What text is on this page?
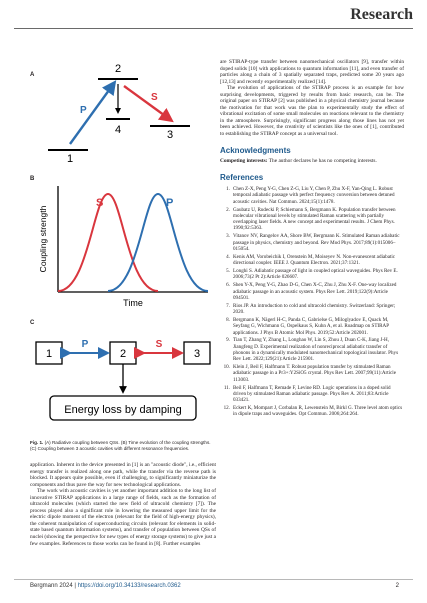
Research
A	2
1
3
4
P
S
B
S	P
Coupling strength
Time
C
1	2	3
P	S
Energy loss by damping
Fig. 1. (A) Radiative coupling between QSs. (B) Time evolution of the coupling strengths. (C) Coupling between 3 acoustic cavities with different resonance frequencies.

application. Inherent in the device presented in [1] is an "acoustic diode", i.e., efficient energy transfer is realized along one path, while the transfer via the reverse path is blocked. It appears quite possible, even if challenging, to significantly miniaturize the components and thus pave the way for new technological applications.

The work with acoustic cavities is yet another important addition to the long list of innovative STIRAP applications in a large range of fields, such as the formation of ultracold molecules (which started the new field of ultracold chemistry [7]). The process played also a significant role in lowering the measured upper limit for the electric dipole moment of the electron (relevant for the field of high-energy physics), the coherent manipulation of superconducting circuits (relevant for elements in solid-state based quantum information systems), and transfer of population between QSs of nuclei (showing the perspective for new types of energy storage systems) to give just a few examples. References to those works can be found in [8]. Further examples

are STIRAP-type transfer between nanomechanical oscillators [9], transfer within doped solids [10] with applications to quantum information [11], and even transfer of particles along a chain of 3 spatially separated traps, predicted some 20 years ago [12,13] and recently experimentally realized [14].

The evolution of applications of the STIRAP process is an example for how surprising developments, triggered by results from basic research, can be. The original paper on STIRAP [2] was published in a physical chemistry journal because the motivation for that work was the plan to experimentally study the effect of vibrational excitation of some small molecules on reactions relevant to the chemistry in the atmosphere. Surprisingly, significant progress along those lines has not yet been achieved. However, the creativity of scientists like the ones of [1], contributed to establishing the STIRAP concept as a universal tool.

Acknowledgments

Competing interests: The author declares he has no competing interests.

References
1. Chen Z-X, Peng Y-G, Chen Z-G, Liu Y, Chen P, Zhu X-F, Yan-Qing L. Robust temporal adiabatic passage with perfect frequency conversion between detuned acoustic cavities. Nat Commun. 2024;15(1):1478.
2. Gaubatz U, Rudecki P, Schiemann S, Bergmann K. Population transfer between molecular vibrational levels by stimulated Raman scattering with partially overlapping laser fields. A new concept and experimental results. J Chem Phys. 1990;92:5363.
3. Vitanov NV, Rangelov AA, Shore BW, Bergmann K. Stimulated Raman adiabatic passage in physics, chemistry and beyond. Rev Mod Phys. 2017;89(1):015006–015054.
4. Kenis AM, Vorobeichik I, Orenstein M, Moiseyev N. Non-evanescent adiabatic directional coupler. IEEE J. Quantum Electron. 2021;37:1321.
5. Longhi S. Adiabatic passage of light in coupled optical waveguides. Phys Rev E. 2006;73(2 Pt 2):Article 026607.
6. Shen Y-X, Peng Y-G, Zhao D-G, Chen X-C, Zhu J, Zhu X-F. One-way localized adiabatic passage in an acoustic system. Phys Rev Lett. 2019;122(9):Article 094501.
7. Rios JP. An introduction to cold and ultracold chemistry. Switzerland: Springer; 2020.
8. Bergmann K, Nägerl H-C, Panda C, Gabrielse G, Miloglyadov E, Quack M, Seyfang G, Wichmann G, Ospelkaus S, Kuhn A, et al. Roadmap on STIRAP applications. J Phys B Atomic Mol Phys. 2019;52:Article 202001.
9. Tian T, Zhang Y, Zhang L, Longhao W, Lin S, Zhou J, Duan C-K, Jiang J-H, Jiangfeng D. Experimental realization of nonreciprocal adiabatic transfer of phonons in a dynamically modulated nanomechanical topological insulator. Phys Rev Lett. 2022;129(21):Article 215901.
10. Klein J, Beil F, Halfmann T. Robust population transfer by stimulated Raman adiabatic passage in a Pr3+:Y2SiO5 crystal. Phys Rev Lett. 2007;99(11):Article 113003.
11. Beil F, Halfmann T, Remade F, Levine RD. Logic operations in a doped solid driven by stimulated Raman adiabatic passage. Phys Rev A. 2011;83:Article 033421.
12. Eckert K, Mompart J, Corbalan R, Lewenstein M, Birkl G. Three level atom optics in dipole traps and waveguides. Opt Commun. 2006;264:264.
Bergmann 2024 | https://doi.org/10.34133/research.0362	2
